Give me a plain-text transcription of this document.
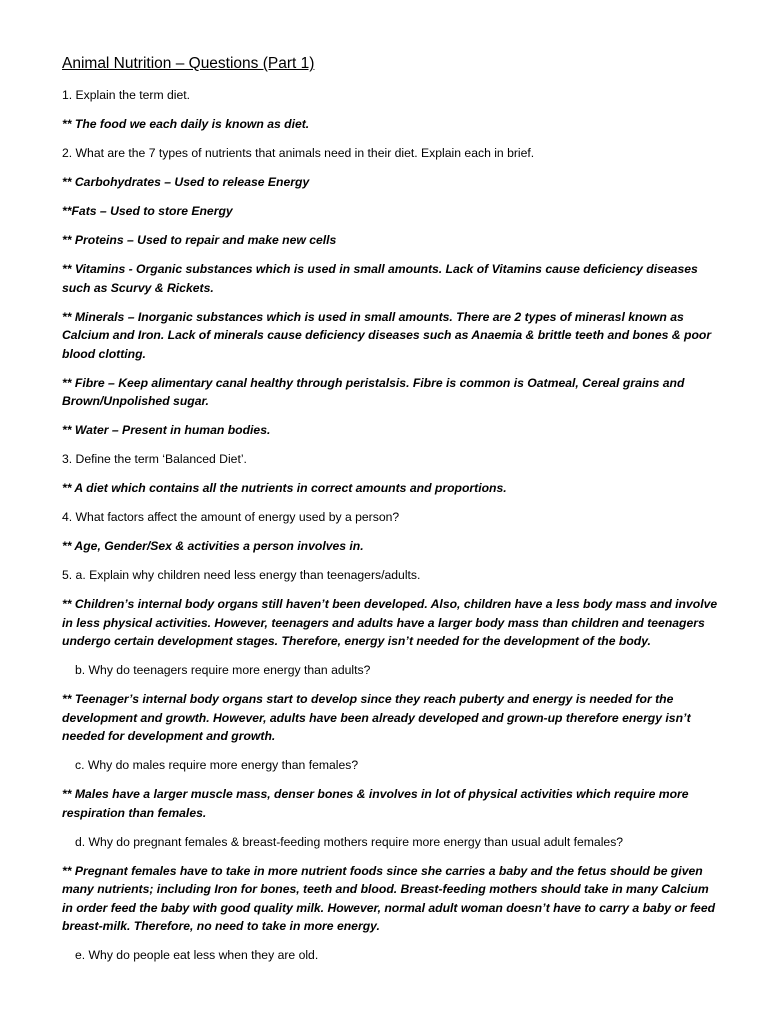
Animal Nutrition – Questions (Part 1)

1. Explain the term diet.

** The food we each daily is known as diet.

2. What are the 7 types of nutrients that animals need in their diet. Explain each in brief.

** Carbohydrates – Used to release Energy

**Fats – Used to store Energy

** Proteins – Used to repair and make new cells

** Vitamins - Organic substances which is used in small amounts. Lack of Vitamins cause deficiency diseases such as Scurvy & Rickets.

** Minerals – Inorganic substances which is used in small amounts. There are 2 types of minerasl known as Calcium and Iron. Lack of minerals cause deficiency diseases such as Anaemia & brittle teeth and bones & poor blood clotting.

** Fibre – Keep alimentary canal healthy through peristalsis. Fibre is common is Oatmeal, Cereal grains and Brown/Unpolished sugar.

** Water – Present in human bodies.

3. Define the term ‘Balanced Diet’.

** A diet which contains all the nutrients in correct amounts and proportions.

4. What factors affect the amount of energy used by a person?

** Age, Gender/Sex & activities a person involves in.

5. a. Explain why children need less energy than teenagers/adults.

** Children’s internal body organs still haven’t been developed. Also, children have a less body mass and involve in less physical activities. However, teenagers and adults have a larger body mass than children and teenagers undergo certain development stages. Therefore, energy isn’t needed for the development of the body.

b. Why do teenagers require more energy than adults?

** Teenager’s internal body organs start to develop since they reach puberty and energy is needed for the development and growth. However, adults have been already developed and grown-up therefore energy isn’t needed for development and growth.

c. Why do males require more energy than females?

** Males have a larger muscle mass, denser bones & involves in lot of physical activities which require more respiration than females.

d. Why do pregnant females & breast-feeding mothers require more energy than usual adult females?

** Pregnant females have to take in more nutrient foods since she carries a baby and the fetus should be given many nutrients; including Iron for bones, teeth and blood. Breast-feeding mothers should take in many Calcium in order feed the baby with good quality milk. However, normal adult woman doesn’t have to carry a baby or feed breast-milk. Therefore, no need to take in more energy.

e. Why do people eat less when they are old.
